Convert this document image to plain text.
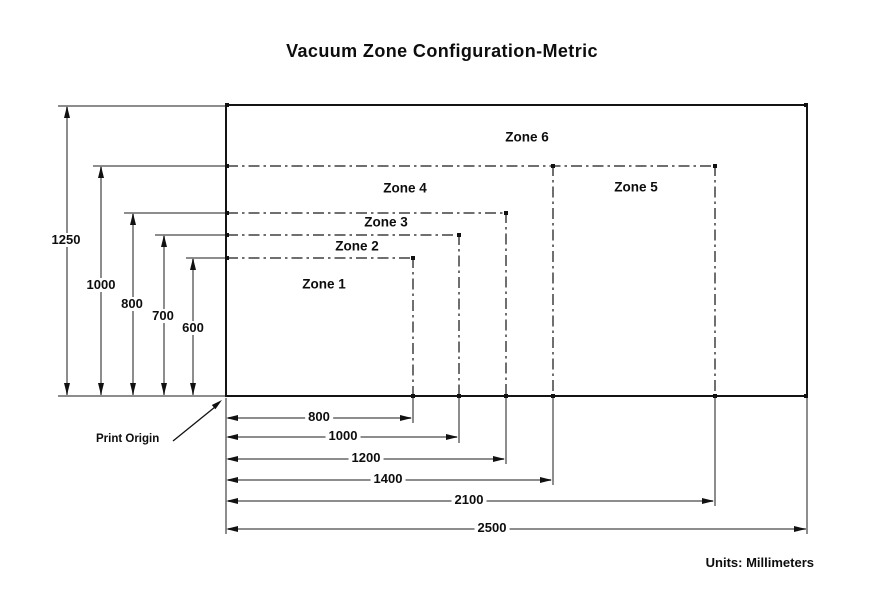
Vacuum Zone Configuration-Metric
Zone 1
Zone 2
Zone 3
Zone 4	Zone 5
Zone 6
1250
1000
800
700
600
800
1000
1200
1400
2100
2500
Print Origin
Units: Millimeters
